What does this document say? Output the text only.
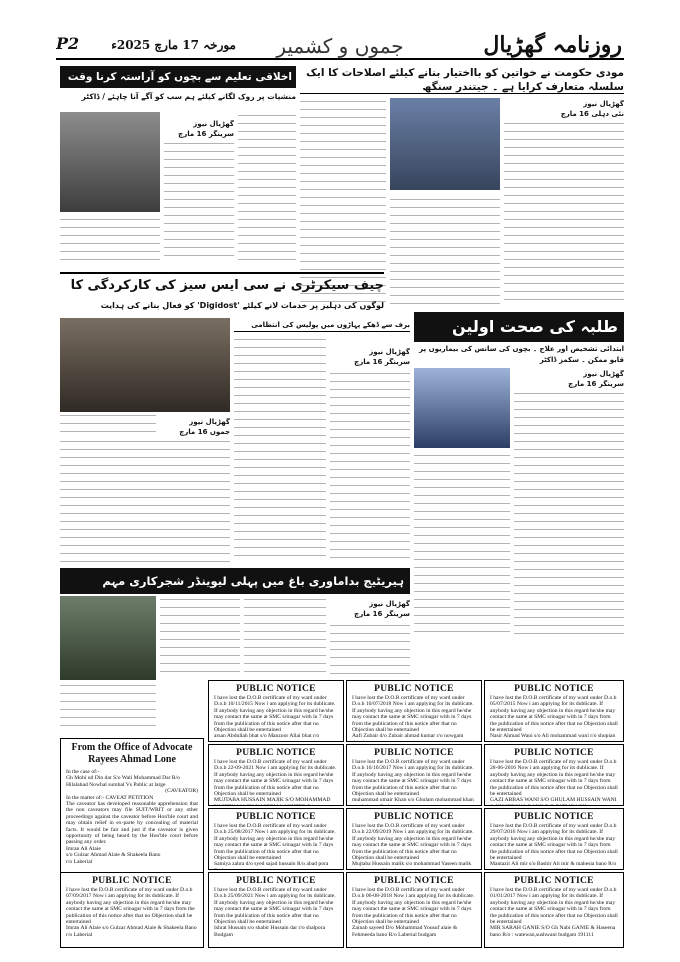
P2	مورخہ 17 مارچ 2025ء	جموں و کشمیر	روزنامہ گھڑیال
مودی حکومت نے خواتین کو بااختیار بنانے کیلئے اصلاحات کا ایک سلسلہ متعارف کرایا ہے ۔ جیتندر سنگھ
گھڑیال نیوز
نئی دہلی 16 مارچ
اخلاقی تعلیم سے بچوں کو آراستہ کرنا وقت
منشیات پر روک لگانے کیلئے ہم سب کو آگے آنا چاہئے / ڈاکٹر
گھڑیال نیوز
سرینگر 16 مارچ
چیف سیکرٹری نے سی ایس سیز کی کارکردگی کا
لوگوں کی دہلیز پر خدمات لانے کیلئے 'Digidost' کو فعال بنانے کی ہدایت
گھڑیال نیوز
جموں 16 مارچ
برف سے ڈھکے پہاڑوں میں پولیس کی انتظامی
گھڑیال نیوز
سرینگر 16 مارچ
طلبہ کی صحت اولین
ابتدائی تشخیص اور علاج ۔ بچوں کی سانس کی بیماریوں پر قابو ممکن ۔ سکمز ڈاکٹر
گھڑیال نیوز
سرینگر 16 مارچ
ہیریٹیج بداماوری باغ میں پہلی لیوینڈر شجرکاری مہم
گھڑیال نیوز
سرینگر 16 مارچ
From the Office of Advocate Rayees Ahmad Lone
In the case of:-
Gh Mohi ud Din dar S/o Wali Mohammad Dar R/o Hilalabad Nowhal sumbal Vs Public at large
(CAVEATOR)
In the matter of:- CAVEAT PETITION
The caveator has developed reasonable apprehension that the non caveators may file SUIT/WRIT or any other proceedings against the caveator before Hon'ble court and may obtain relief in ex-parte by concealing of material facts. It would be fair and just if the caveator is given opportunity of being heard by the Hon'ble court before passing any order.
Imran Ali Alaie
s/o Gulzar Ahmad Alaie & Shakeela Bano
r/o Laberial
PUBLIC NOTICE
I have lost the D.O.B certificate of my ward under D.o.b 10/11/2015 Now i am applying for its dublicate. If anybody having any objection in this regard he/she may contact the same at SMC srinagar with in 7 days from the publication of this notice after that no Objection shall be entertained
arsan Abdullah bhat s/o Manzoor Allai bhat r/o
PUBLIC NOTICE
I have lost the D.O.B certificate of my ward under D.o.b 10/07/2018 Now i am applying for its dublicate. If anybody having any objection in this regard he/she may contact the same at SMC srinagar with in 7 days from the publication of this notice after that no Objection shall be entertained
Aafi Zubair d/o Zubair ahmad kumar r/o nowgam
PUBLIC NOTICE
I have lost the D.O.B certificate of my ward under D.o.b 05/07/2015 Now i am applying for its dublicate. If anybody having any objection in this regard he/she may contact the same at SMC srinagar with in 7 days from the publication of this notice after that no Objection shall be entertained
Nasir Ahmad Wani s/o Ali mohammad wani r/o shopian
PUBLIC NOTICE
I have lost the D.O.B certificate of my ward under D.o.b 22-09-2021 Now i am applying for its dublicate. If anybody having any objection in this regard he/she may contact the same at SMC srinagar with in 7 days from the publication of this notice after that no Objection shall be entertained
MUJTABA HUSSAIN MAJIK S/O MOHAMMAD
PUBLIC NOTICE
I have lost the D.O.B certificate of my ward under D.o.b 16/10/2017 Now i am applying for its dublicate. If anybody having any objection in this regard he/she may contact the same at SMC srinagar with in 7 days from the publication of this notice after that no Objection shall be entertained
muhammad umair Khan s/o Ghulam mohammad khan
PUBLIC NOTICE
I have lost the D.O.B certificate of my ward under D.o.b 28-06-2016 Now i am applying for its dublicate. If anybody having any objection in this regard he/she may contact the same at SMC srinagar with in 7 days from the publication of this notice after that no Objection shall be entertained
GAZI ABBAS WANI S/O GHULAM HUSSAIN WANI
PUBLIC NOTICE
I have lost the D.O.B certificate of my ward under D.o.b 25/08/2017 Now i am applying for its dublicate. If anybody having any objection in this regard he/she may contact the same at SMC srinagar with in 7 days from the publication of this notice after that no Objection shall be entertained
Samiya zahra d/o syed sajad hussain R/o abad pora
PUBLIC NOTICE
I have lost the D.O.B certificate of my ward under D.o.b 22/09/2019 Now i am applying for its dublicate. If anybody having any objection in this regard he/she may contact the same at SMC srinagar with in 7 days from the publication of this notice after that no Objection shall be entertained
Mujtaba Hussain malik s/o mohammad Yaseen malik
PUBLIC NOTICE
I have lost the D.O.B certificate of my ward under D.o.b 29/07/2016 Now i am applying for its dublicate. If anybody having any objection in this regard he/she may contact the same at SMC srinagar with in 7 days from the publication of this notice after that no Objection shall be entertained
Mantazir Ali mir s/o Bashir Ali mir & mahesia bano R/o
PUBLIC NOTICE
I have lost the D.O.B certificate of my ward under D.o.b 07/09/2017 Now i am applying for its dublicate. If anybody having any objection in this regard he/she may contact the same at SMC srinagar with in 7 days from the publication of this notice after that no Objection shall be entertained
Imran Ali Alaie s/o Gulzar Ahmad Alaie & Shakeela Bano r/o Laberial
PUBLIC NOTICE
I have lost the D.O.B certificate of my ward under D.o.b 25/09/2021 Now i am applying for its dublicate. If anybody having any objection in this regard he/she may contact the same at SMC srinagar with in 7 days from the publication of this notice after that no Objection shall be entertained
Ishrat Hussain s/o shabir Hussain dar r/o shalpora Budgam
PUBLIC NOTICE
I have lost the D.O.B certificate of my ward under D.o.b 06-08-2018 Now i am applying for its dublicate. If anybody having any objection in this regard he/she may contact the same at SMC srinagar with in 7 days from the publication of this notice after that no Objection shall be entertained
Zainab sayeed D/o Mohammad Yousuf alaie & Fehmeeda bano R/o Laberial budgam
PUBLIC NOTICE
I have lost the D.O.B certificate of my ward under D.o.b 01/01/2017 Now i am applying for its dublicate. If anybody having any objection in this regard he/she may contact the same at SMC srinagar with in 7 days from the publication of this notice after that no Objection shall be entertained
MIR SARAH GANIE S/O Gh Nabi GANIE & Haseena bano R/o : watewan,sushwani budgam 191111
